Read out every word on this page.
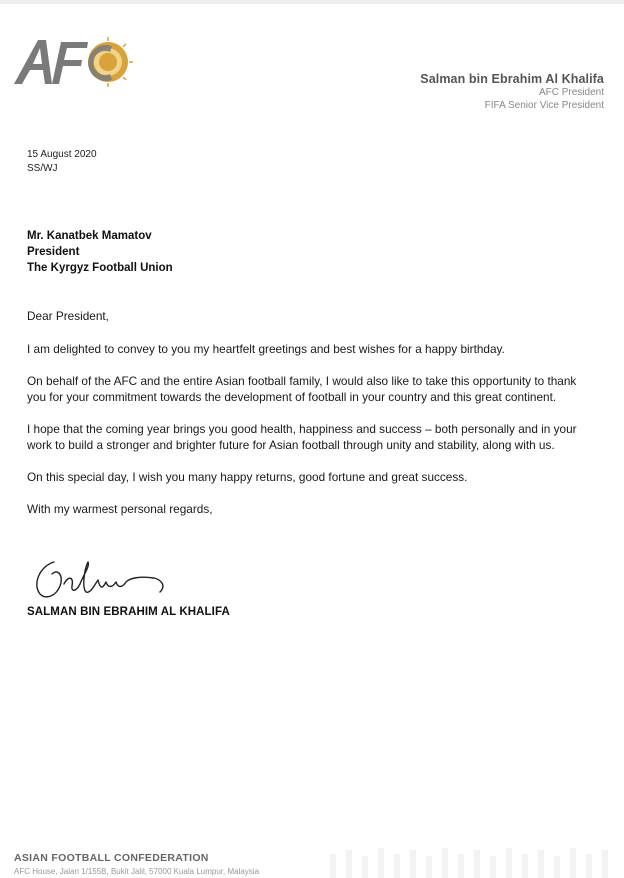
Salman bin Ebrahim Al Khalifa
AFC President
FIFA Senior Vice President
15 August 2020
SS/WJ
Mr. Kanatbek Mamatov
President
The Kyrgyz Football Union

Dear President,

I am delighted to convey to you my heartfelt greetings and best wishes for a happy birthday.

On behalf of the AFC and the entire Asian football family, I would also like to take this opportunity to thank you for your commitment towards the development of football in your country and this great continent.

I hope that the coming year brings you good health, happiness and success – both personally and in your work to build a stronger and brighter future for Asian football through unity and stability, along with us.

On this special day, I wish you many happy returns, good fortune and great success.

With my warmest personal regards,

SALMAN BIN EBRAHIM AL KHALIFA
ASIAN FOOTBALL CONFEDERATION
AFC House, Jalan 1/155B, Bukit Jalil, 57000 Kuala Lumpur, Malaysia
